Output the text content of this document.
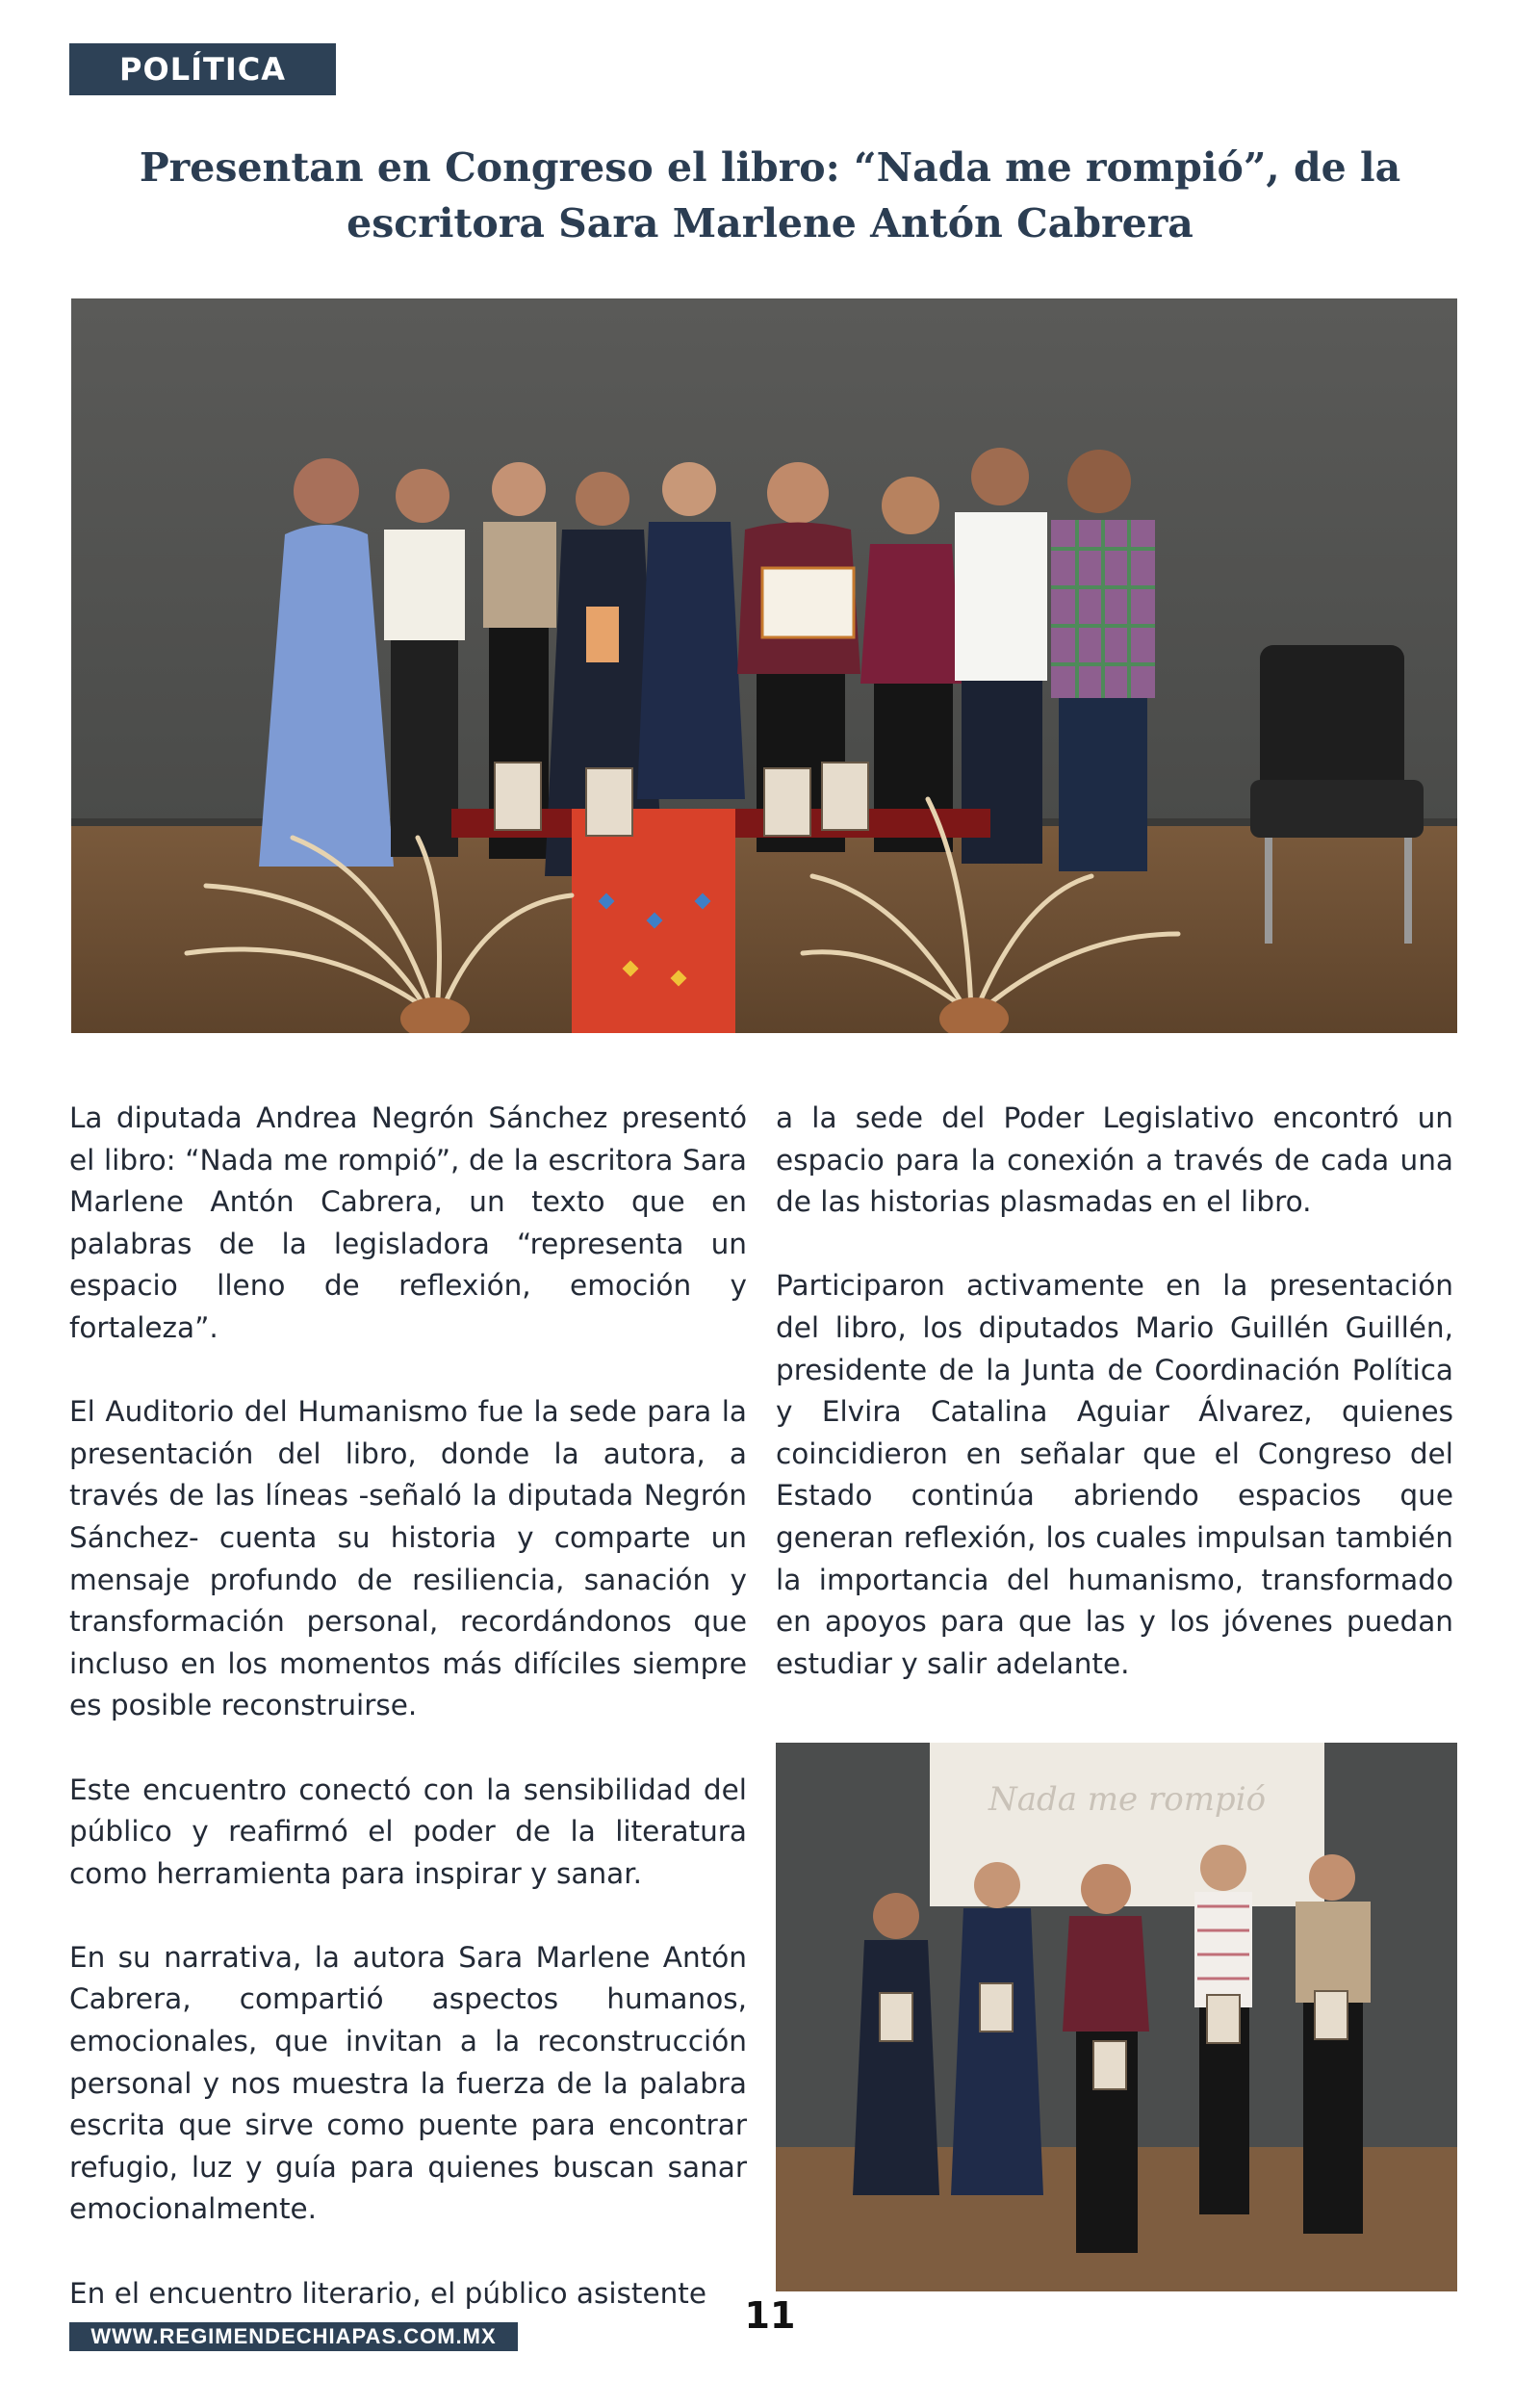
POLÍTICA
Presentan en Congreso el libro: “Nada me rompió”, de la
escritora Sara Marlene Antón Cabrera

La diputada Andrea Negrón Sánchez presentó el libro: “Nada me rompió”, de la escritora Sara Marlene Antón Cabrera, un texto que en palabras de la legisladora “representa un espacio lleno de reflexión, emoción y fortaleza”.

El Auditorio del Humanismo fue la sede para la presentación del libro, donde la autora, a través de las líneas -señaló la diputada Negrón Sánchez- cuenta su historia y comparte un mensaje profundo de resiliencia, sanación y transformación personal, recordándonos que incluso en los momentos más difíciles siempre es posible reconstruirse.

Este encuentro conectó con la sensibilidad del público y reafirmó el poder de la literatura como herramienta para inspirar y sanar.

En su narrativa, la autora Sara Marlene Antón Cabrera, compartió aspectos humanos, emocionales, que invitan a la reconstrucción personal y nos muestra la fuerza de la palabra escrita que sirve como puente para encontrar refugio, luz y guía para quienes buscan sanar emocionalmente.

En el encuentro literario, el público asistente

a la sede del Poder Legislativo encontró un espacio para la conexión a través de cada una de las historias plasmadas en el libro.

Participaron activamente en la presentación del libro, los diputados Mario Guillén Guillén, presidente de la Junta de Coordinación Política y Elvira Catalina Aguiar Álvarez, quienes coincidieron en señalar que el Congreso del Estado continúa abriendo espacios que generan reflexión, los cuales impulsan también la importancia del humanismo, transformado en apoyos para que las y los jóvenes puedan estudiar y salir adelante.

Nada me rompió
WWW.REGIMENDECHIAPAS.COM.MX	11
